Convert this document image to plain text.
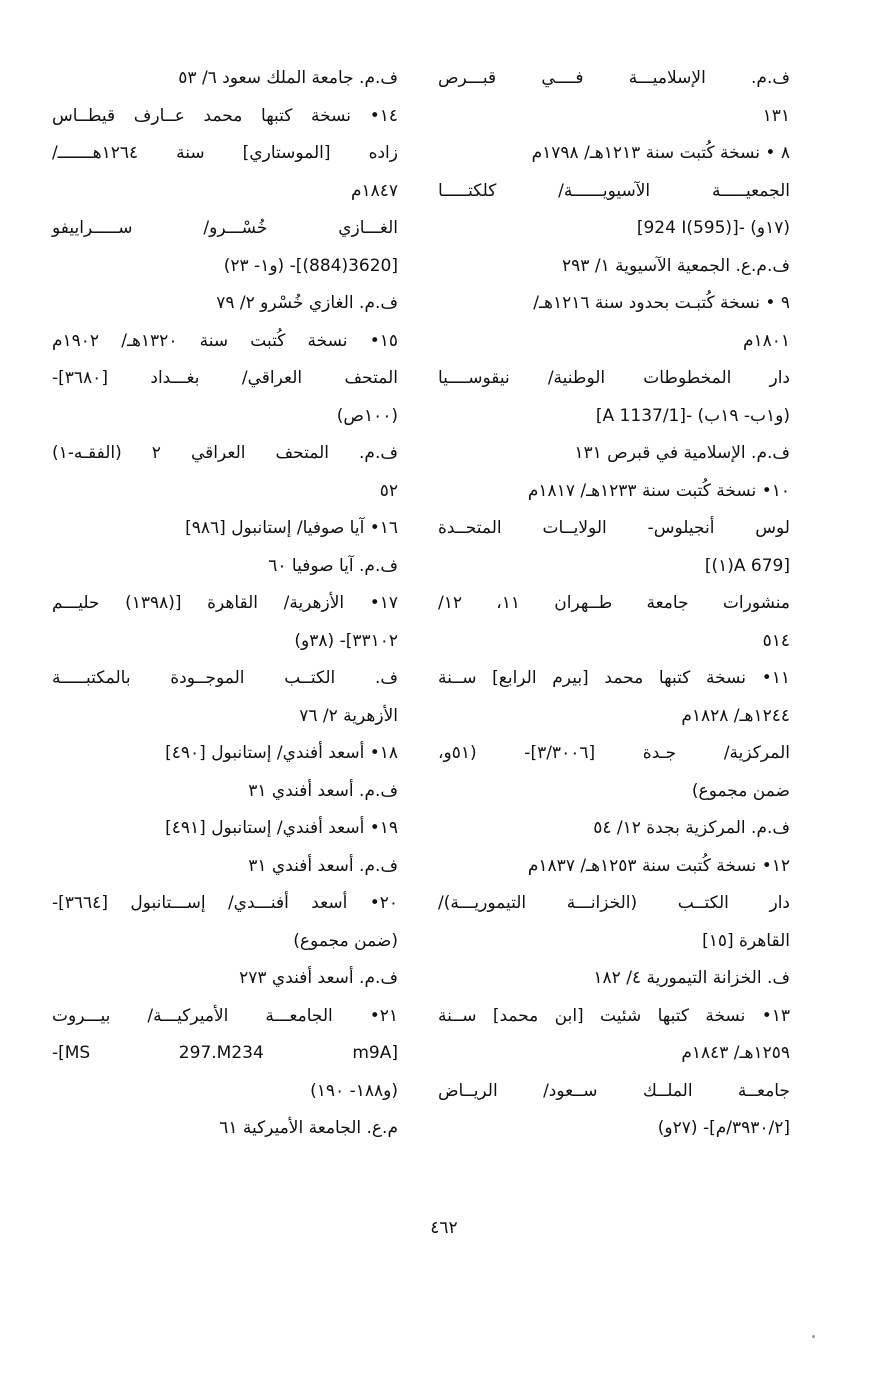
ف.م. الإسلاميـــة فــــي قبـــرص
١٣١
٨ • نسخة كُتبت سنة ١٢١٣هـ/ ١٧٩٨م
الجمعيـــــة الآسيويــــــة/ كلكتـــــا
[924 I(595)]- (١٧و)
ف.م.ع. الجمعية الآسيوية ١/ ٢٩٣
٩ • نسخة كُتبـت بحدود سنة ١٢١٦هـ/
١٨٠١م
دار المخطوطات الوطنية/ نيقوســــيا
[A 1137/1]- (و١ب- ١٩ب)
ف.م. الإسلامية في قبرص ١٣١
١٠• نسخة كُتبت سنة ١٢٣٣هـ/ ١٨١٧م
لوس أنجيلوس- الولايــات المتحــدة
[(١)A 679]
منشورات جامعة طــهران ١١، ١٢/
٥١٤
١١• نسخة كتبها محمد [بيرم الرابع] ســنة
١٢٤٤هـ/ ١٨٢٨م
المركزية/ جـدة [٣/٣٠٠٦]- (٥١و،
ضمن مجموع)
ف.م. المركزية بجدة ١٢/ ٥٤
١٢• نسخة كُتبت سنة ١٢٥٣هـ/ ١٨٣٧م
دار الكتــب (الخزانـــة التيموريـــة)/
القاهرة [١٥]
ف. الخزانة التيمورية ٤/ ١٨٢
١٣• نسخة كتبها شئيت [ابن محمد] ســنة
١٢٥٩هـ/ ١٨٤٣م
جامعــة الملــك ســعود/ الريــاض
[٣٩٣٠/٢/م]- (٢٧و)
ف.م. جامعة الملك سعود ٦/ ٥٣
١٤• نسخة كتبها محمد عــارف قيطــاس
زاده [الموستاري] سنة ١٢٦٤هـــــــ/
١٨٤٧م
الغـــازي خُسْـــرو/ ســـــراييفو
[3620(884)]- (و١- ٢٣)
ف.م. الغازي خُسْرو ٢/ ٧٩
١٥• نسخة كُتبت سنة ١٣٢٠هـ/ ١٩٠٢م
المتحف العراقي/ بغـــداد [٣٦٨٠]-
(١٠٠ص)
ف.م. المتحف العراقي ٢ (الفقـه-١)
٥٢
١٦• آيا صوفيا/ إستانبول [٩٨٦]
ف.م. آيا صوفيا ٦٠
١٧• الأزهرية/ القاهرة [(١٣٩٨) حليـــم
٣٣١٠٢]- (٣٨و)
ف. الكتــب الموجــودة بالمكتبـــــة
الأزهرية ٢/ ٧٦
١٨• أسعد أفندي/ إستانبول [٤٩٠]
ف.م. أسعد أفندي ٣١
١٩• أسعد أفندي/ إستانبول [٤٩١]
ف.م. أسعد أفندي ٣١
٢٠• أسعد أفنـــدي/ إســـتانبول [٣٦٦٤]-
(ضمن مجموع)
ف.م. أسعد أفندي ٢٧٣
٢١• الجامعـــة الأميركيـــة/ بيـــروت
-[MS 297.M234 m9A]
(و١٨٨- ١٩٠)
م.ع. الجامعة الأميركية ٦١
٤٦٢
